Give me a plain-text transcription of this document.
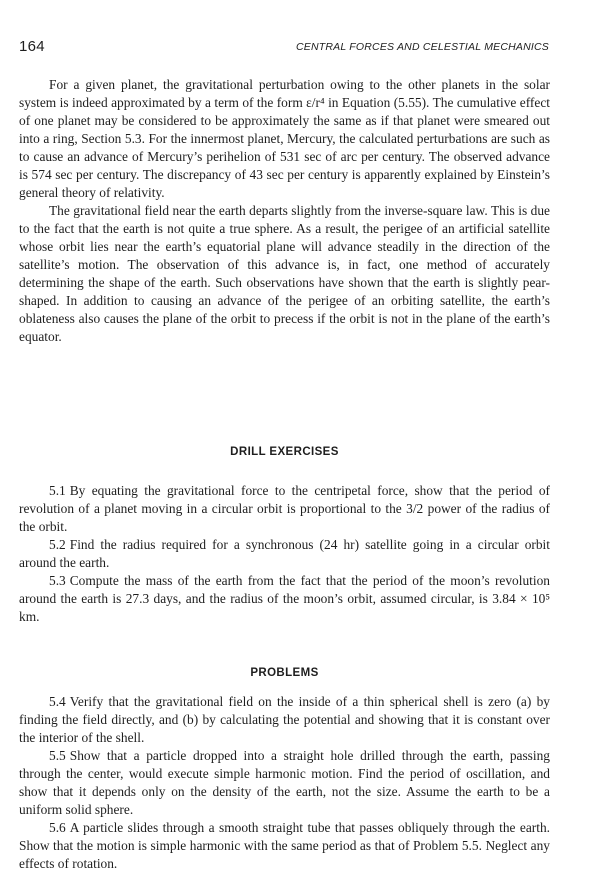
164	CENTRAL FORCES AND CELESTIAL MECHANICS

For a given planet, the gravitational perturbation owing to the other planets in the solar system is indeed approximated by a term of the form ε/r⁴ in Equation (5.55). The cumulative effect of one planet may be considered to be approximately the same as if that planet were smeared out into a ring, Section 5.3. For the innermost planet, Mercury, the calculated perturbations are such as to cause an advance of Mercury’s perihelion of 531 sec of arc per century. The observed advance is 574 sec per century. The discrepancy of 43 sec per century is apparently explained by Einstein’s general theory of relativity.

The gravitational field near the earth departs slightly from the inverse-square law. This is due to the fact that the earth is not quite a true sphere. As a result, the perigee of an artificial satellite whose orbit lies near the earth’s equatorial plane will advance steadily in the direction of the satellite’s motion. The observation of this advance is, in fact, one method of accurately determining the shape of the earth. Such observations have shown that the earth is slightly pear-shaped. In addition to causing an advance of the perigee of an orbiting satellite, the earth’s oblateness also causes the plane of the orbit to precess if the orbit is not in the plane of the earth’s equator.

DRILL EXERCISES

5.1 By equating the gravitational force to the centripetal force, show that the period of revolution of a planet moving in a circular orbit is proportional to the 3/2 power of the radius of the orbit.

5.2 Find the radius required for a synchronous (24 hr) satellite going in a circular orbit around the earth.

5.3 Compute the mass of the earth from the fact that the period of the moon’s revolution around the earth is 27.3 days, and the radius of the moon’s orbit, assumed circular, is 3.84 × 10⁵ km.

PROBLEMS

5.4 Verify that the gravitational field on the inside of a thin spherical shell is zero (a) by finding the field directly, and (b) by calculating the potential and showing that it is constant over the interior of the shell.

5.5 Show that a particle dropped into a straight hole drilled through the earth, passing through the center, would execute simple harmonic motion. Find the period of oscillation, and show that it depends only on the density of the earth, not the size. Assume the earth to be a uniform solid sphere.

5.6 A particle slides through a smooth straight tube that passes obliquely through the earth. Show that the motion is simple harmonic with the same period as that of Problem 5.5. Neglect any effects of rotation.
